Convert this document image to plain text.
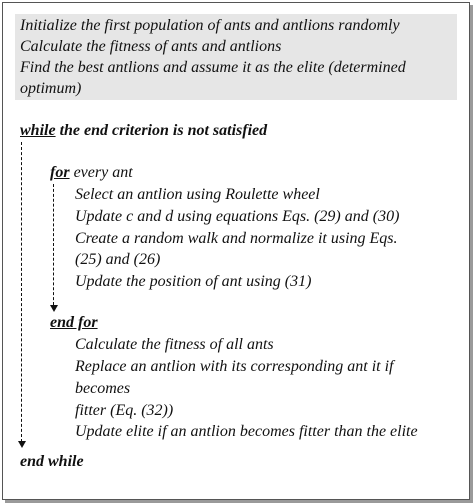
Initialize the first population of ants and antlions randomly
Calculate the fitness of ants and antlions
Find the best antlions and assume it as the elite (determined
optimum)
while the end criterion is not satisfied
for every ant
Select an antlion using Roulette wheel
Update c and d using equations Eqs. (29) and (30)
Create a random walk and normalize it using Eqs.
(25) and (26)
Update the position of ant using (31)
end for
Calculate the fitness of all ants
Replace an antlion with its corresponding ant it if
becomes
fitter (Eq. (32))
Update elite if an antlion becomes fitter than the elite
end while
